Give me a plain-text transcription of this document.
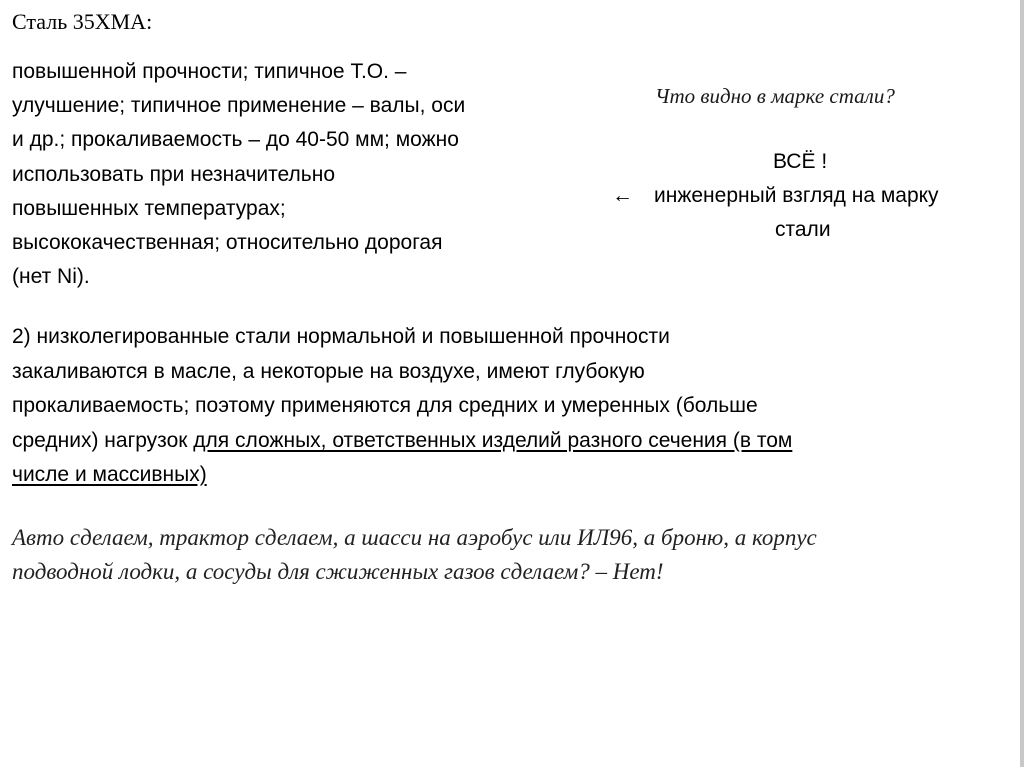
Сталь 35ХМА:
повышенной прочности; типичное Т.О. –
улучшение; типичное применение – валы, оси
и др.; прокаливаемость – до 40-50 мм; можно
использовать при незначительно
повышенных температурах;
высококачественная; относительно дорогая
(нет Ni).
Что видно в марке стали?
ВСЁ !
← инженерный взгляд на марку
стали
2) низколегированные стали нормальной и повышенной прочности
закаливаются в масле, а некоторые на воздухе, имеют глубокую
прокаливаемость; поэтому применяются для средних и умеренных (больше
средних) нагрузок для сложных, ответственных изделий разного сечения (в том
числе и массивных)
Авто сделаем, трактор сделаем, а шасси на аэробус или ИЛ96, а броню, а корпус
подводной лодки, а сосуды для сжиженных газов сделаем? – Нет!
